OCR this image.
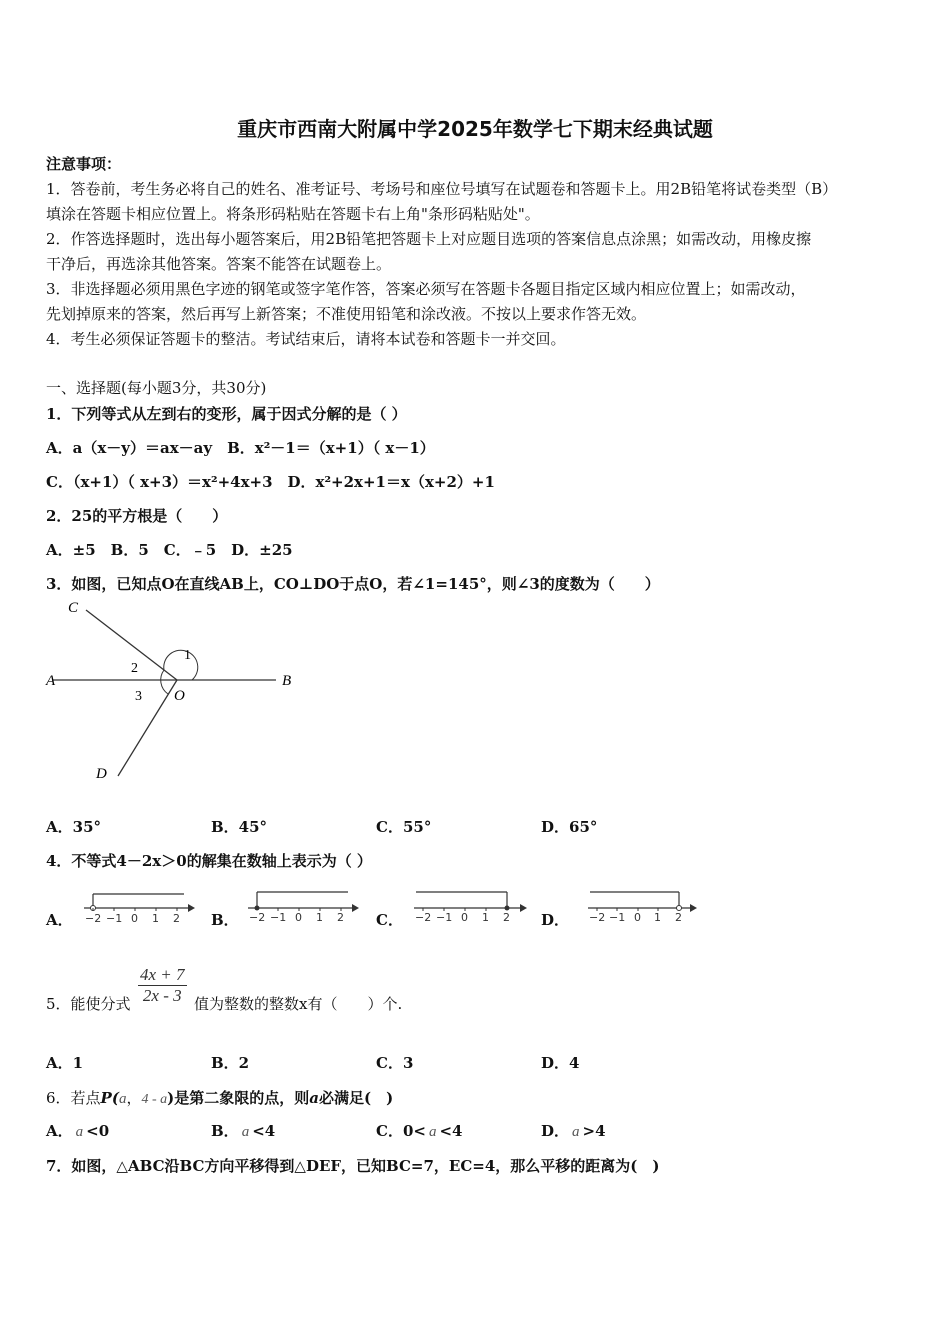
重庆市西南大附属中学2025年数学七下期末经典试题
注意事项：
1．答卷前，考生务必将自己的姓名、准考证号、考场号和座位号填写在试题卷和答题卡上。用2B铅笔将试卷类型（B）
填涂在答题卡相应位置上。将条形码粘贴在答题卡右上角"条形码粘贴处"。
2．作答选择题时，选出每小题答案后，用2B铅笔把答题卡上对应题目选项的答案信息点涂黑；如需改动，用橡皮擦
干净后，再选涂其他答案。答案不能答在试题卷上。
3．非选择题必须用黑色字迹的钢笔或签字笔作答，答案必须写在答题卡各题目指定区域内相应位置上；如需改动，
先划掉原来的答案，然后再写上新答案；不准使用铅笔和涂改液。不按以上要求作答无效。
4．考生必须保证答题卡的整洁。考试结束后，请将本试卷和答题卡一并交回。
一、选择题(每小题3分，共30分)
1．下列等式从左到右的变形，属于因式分解的是（ ）
A．a（x－y）＝ax－ay　B．x²－1＝（x+1）（ x－1）
C．（x+1）（ x+3）＝x²+4x+3　D．x²+2x+1＝x（x+2）+1
2．25的平方根是（　　）
A．±5　B．5　C．﹣5　D．±25
3．如图，已知点O在直线AB上，CO⊥DO于点O，若∠1=145°，则∠3的度数为（　　）
C
A	B
O
D
1
2
3
A．35°	B．45°	C．55°	D．65°
4．不等式4－2x＞0的解集在数轴上表示为（ ）
A．	B．	C．	D．
−2 −1 0 1 2	−2 −1 0 1 2	−2 −1 0 1 2	−2 −1 0 1 2
5．能使分式 $\frac{4x + 7}{2x - 3}$ 值为整数的整数x有（　　）个.
A．1	B．2	C．3	D．4
6．若点P(a，4 - a)是第二象限的点，则a必满足(　)
A． a <0	B． a <4	C．0< a <4	D． a >4
7．如图，△ABC沿BC方向平移得到△DEF，已知BC=7，EC=4，那么平移的距离为(　)
